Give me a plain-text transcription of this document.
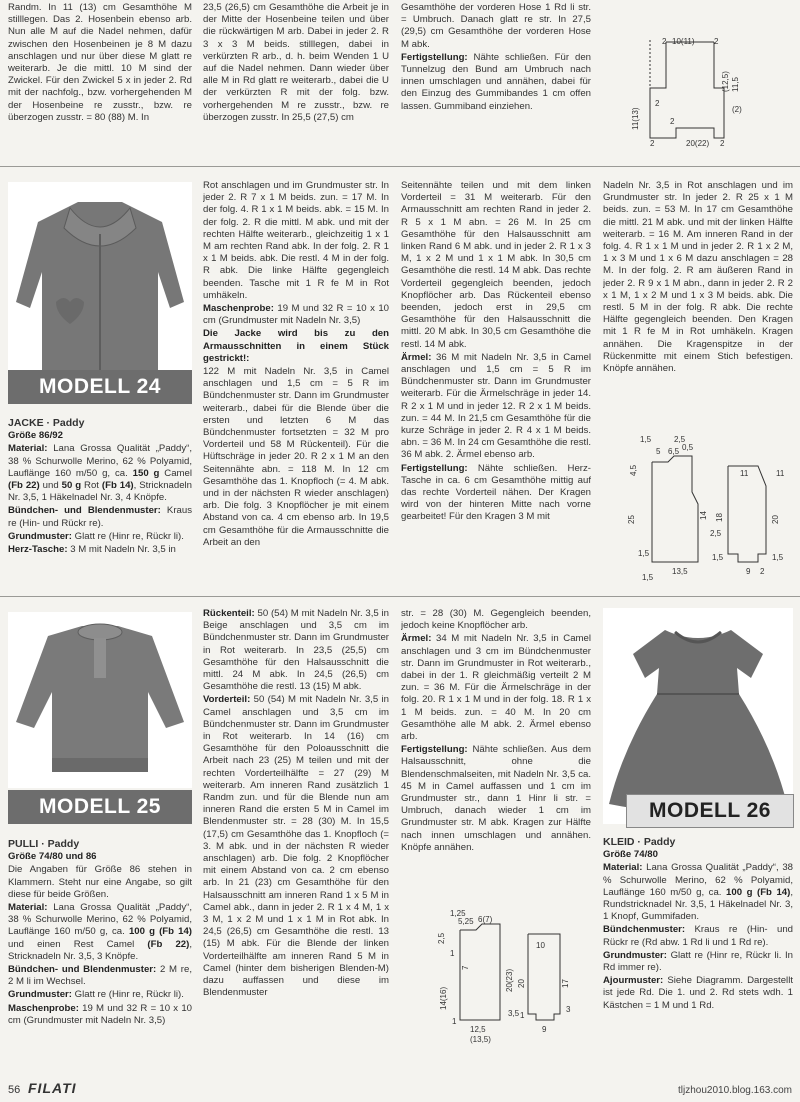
Randm. In 11 (13) cm Gesamthöhe M stilllegen. Das 2. Hosenbein ebenso arb. Nun alle M auf die Nadel nehmen, dafür zwischen den Hosenbeinen je 8 M dazu anschlagen und nur über diese M glatt re weiterarb. Je die mittl. 10 M sind der Zwickel. Für den Zwickel 5 x in jeder 2. Rd mit der nachfolg., bzw. vorhergehenden M der Hosenbeine re zusstr., bzw. re überzogen zusstr. = 80 (88) M. In

23,5 (26,5) cm Gesamthöhe die Arbeit je in der Mitte der Hosenbeine teilen und über die rückwärtigen M arb. Dabei in jeder 2. R 3 x 3 M beids. stilllegen, dabei in verkürzten R arb., d. h. beim Wenden 1 U auf die Nadel nehmen. Dann wieder über alle M in Rd glatt re weiterarb., dabei die U der verkürzten R mit der folg. bzw. vorhergehenden M re zusstr., bzw. re überzogen zusstr. In 25,5 (27,5) cm

Gesamthöhe der vorderen Hose 1 Rd li str. = Umbruch. Danach glatt re str. In 27,5 (29,5) cm Gesamthöhe der vorderen Hose M abk.

Fertigstellung: Nähte schließen. Für den Tunnelzug den Bund am Umbruch nach innen umschlagen und annähen, dabei für den Einzug des Gummibandes 1 cm offen lassen. Gummiband einziehen.

10(11)
2	2
2
11(13)
(12,5) 11,5
(2)
2	20(22) 2
2
MODELL 24

JACKE · Paddy

Größe 86/92

Material: Lana Grossa Qualität „Paddy“, 38 % Schurwolle Merino, 62 % Polyamid, Lauflänge 160 m/50 g, ca. 150 g Camel (Fb 22) und 50 g Rot (Fb 14), Stricknadeln Nr. 3,5, 1 Häkelnadel Nr. 3, 4 Knöpfe.

Bündchen- und Blendenmuster: Kraus re (Hin- und Rückr re).

Grundmuster: Glatt re (Hinr re, Rückr li).

Herz-Tasche: 3 M mit Nadeln Nr. 3,5 in

Rot anschlagen und im Grundmuster str. In jeder 2. R 7 x 1 M beids. zun. = 17 M. In der folg. 4. R 1 x 1 M beids. abk. = 15 M. In der folg. 2. R die mittl. M abk. und mit der rechten Hälfte weiterarb., gleichzeitig 1 x 1 M am rechten Rand abk. In der folg. 2. R 1 x 1 M beids. abk. Die restl. 4 M in der folg. R abk. Die linke Hälfte gegengleich beenden. Tasche mit 1 R fe M in Rot umhäkeln.

Maschenprobe: 19 M und 32 R = 10 x 10 cm (Grundmuster mit Nadeln Nr. 3,5)

Die Jacke wird bis zu den Armausschnitten in einem Stück gestrickt!:

122 M mit Nadeln Nr. 3,5 in Camel anschlagen und 1,5 cm = 5 R im Bündchenmuster str. Dann im Grundmuster weiterarb., dabei für die Blende über die ersten und letzten 6 M das Bündchenmuster fortsetzten = 32 M pro Vorderteil und 58 M Rückenteil). Für die Hüftschräge in jeder 20. R 2 x 1 M an den Seitennähte abn. = 118 M. In 12 cm Gesamthöhe das 1. Knopfloch (= 4. M abk. und in der nächsten R wieder anschlagen) arb. Die folg. 3 Knopflöcher je mit einem Abstand von ca. 4 cm ebenso arb. In 19,5 cm Gesamthöhe für die Armausschnitte die Arbeit an den

Seitennähte teilen und mit dem linken Vorderteil = 31 M weiterarb. Für den Armausschnitt am rechten Rand in jeder 2. R 5 x 1 M abn. = 26 M. In 25 cm Gesamthöhe für den Halsausschnitt am linken Rand 6 M abk. und in jeder 2. R 1 x 3 M, 1 x 2 M und 1 x 1 M abk. In 30,5 cm Gesamthöhe die restl. 14 M abk. Das rechte Vorderteil gegengleich beenden, jedoch Knopflöcher arb. Das Rückenteil ebenso beenden, jedoch erst in 29,5 cm Gesamthöhe für den Halsausschnitt die mittl. 20 M abk. In 30,5 cm Gesamthöhe die restl. 14 M abk.

Ärmel: 36 M mit Nadeln Nr. 3,5 in Camel anschlagen und 1,5 cm = 5 R im Bündchenmuster str. Dann im Grundmuster weiterarb. Für die Ärmelschräge in jeder 14. R 2 x 1 M und in jeder 12. R 2 x 1 M beids. zun. = 44 M. In 21,5 cm Gesamthöhe für die kurze Schräge in jeder 2. R 4 x 1 M beids. abn. = 36 M. In 24 cm Gesamthöhe die restl. 36 M abk. 2. Ärmel ebenso arb.

Fertigstellung: Nähte schließen. Herz-Tasche in ca. 6 cm Gesamthöhe mittig auf das rechte Vorderteil nähen. Der Kragen wird von der hinteren Mitte nach vorne gearbeitet! Für den Kragen 3 M mit

Nadeln Nr. 3,5 in Rot anschlagen und im Grundmuster str. In jeder 2. R 25 x 1 M beids. zun. = 53 M. In 17 cm Gesamthöhe die mittl. 21 M abk. und mit der linken Hälfte weiterarb. = 16 M. Am inneren Rand in der folg. 4. R 1 x 1 M und in jeder 2. R 1 x 2 M, 1 x 3 M und 1 x 6 M dazu anschlagen = 28 M. In der folg. 2. R am äußeren Rand in jeder 2. R 9 x 1 M abn., dann in jeder 2. R 2 x 1 M, 1 x 2 M und 1 x 3 M beids. abk. Die restl. 5 M in der folg. R abk. Die rechte Hälfte gegengleich beenden. Den Kragen mit 1 R fe M in Rot umhäkeln. Kragen annähen. Die Kragenspitze in der Rückenmitte mit einem Stich befestigen. Knöpfe annähen.

1,5	2,5
0,5
5
4,5
6,5
25	14
1,5
13,5
1,5
11
18
1,5
9 2
11
20
1,5
2,5
MODELL 25

PULLI · Paddy

Größe 74/80 und 86

Die Angaben für Größe 86 stehen in Klammern. Steht nur eine Angabe, so gilt diese für beide Größen.

Material: Lana Grossa Qualität „Paddy“, 38 % Schurwolle Merino, 62 % Polyamid, Lauflänge 160 m/50 g, ca. 100 g (Fb 14) und einen Rest Camel (Fb 22), Stricknadeln Nr. 3,5, 3 Knöpfe.

Bündchen- und Blendenmuster: 2 M re, 2 M li im Wechsel.

Grundmuster: Glatt re (Hinr re, Rückr li).

Maschenprobe: 19 M und 32 R = 10 x 10 cm (Grundmuster mit Nadeln Nr. 3,5)

Rückenteil: 50 (54) M mit Nadeln Nr. 3,5 in Beige anschlagen und 3,5 cm im Bündchenmuster str. Dann im Grundmuster in Rot weiterarb. In 23,5 (25,5) cm Gesamthöhe für den Halsausschnitt die mittl. 24 M abk. In 24,5 (26,5) cm Gesamthöhe die restl. 13 (15) M abk.

Vorderteil: 50 (54) M mit Nadeln Nr. 3,5 in Camel anschlagen und 3,5 cm im Bündchenmuster str. Dann im Grundmuster in Rot weiterarb. In 14 (16) cm Gesamthöhe für den Poloausschnitt die Arbeit nach 23 (25) M teilen und mit der rechten Vorderteilhälfte = 27 (29) M weiterarb. Am inneren Rand zusätzlich 1 Randm zun. und für die Blende nun am inneren Rand die ersten 5 M in Camel im Blendenmuster str. = 28 (30) M. In 15,5 (17,5) cm Gesamthöhe das 1. Knopfloch (= 3. M abk. und in der nächsten R wieder anschlagen) arb. Die folg. 2 Knopflöcher mit einem Abstand von ca. 2 cm ebenso arb. In 21 (23) cm Gesamthöhe für den Halsausschnitt am inneren Rand 1 x 5 M in Camel abk., dann in jeder 2. R 1 x 4 M, 1 x 3 M, 1 x 2 M und 1 x 1 M in Rot abk. In 24,5 (26,5) cm Gesamthöhe die restl. 13 (15) M abk. Für die Blende der linken Vorderteilhälfte am inneren Rand 5 M in Camel (hinter dem bisherigen Blenden-M) dazu auffassen und diese im Blendenmuster

str. = 28 (30) M. Gegengleich beenden, jedoch keine Knopflöcher arb.

Ärmel: 34 M mit Nadeln Nr. 3,5 in Camel anschlagen und 3 cm im Bündchenmuster str. Dann im Grundmuster in Rot weiterarb., dabei in der 1. R gleichmäßig verteilt 2 M zun. = 36 M. Für die Ärmelschräge in der folg. 20. R 1 x 1 M und in der folg. 18. R 1 x 1 M beids. zun. = 40 M. In 20 cm Gesamthöhe alle M abk. 2. Ärmel ebenso arb.

Fertigstellung: Nähte schließen. Aus dem Halsausschnitt, ohne die Blendenschmalseiten, mit Nadeln Nr. 3,5 ca. 45 M in Camel auffassen und 1 cm im Grundmuster str., dann 1 Hinr li str. = Umbruch, danach wieder 1 cm im Grundmuster str. M abk. Kragen zur Hälfte nach innen umschlagen und annähen. Knöpfe annähen.

1,25
5,25 6(7)
2,5
1
7
14(16)
20(23)
3,5
1
12,5
(13,5)
10
20	17
3
9
1
MODELL 26

KLEID · Paddy

Größe 74/80

Material: Lana Grossa Qualität „Paddy“, 38 % Schurwolle Merino, 62 % Polyamid, Lauflänge 160 m/50 g, ca. 100 g (Fb 14), Rundstricknadel Nr. 3,5, 1 Häkelnadel Nr. 3, 1 Knopf, Gummifaden.

Bündchenmuster: Kraus re (Hin- und Rückr re (Rd abw. 1 Rd li und 1 Rd re).

Grundmuster: Glatt re (Hinr re, Rückr li. In Rd immer re).

Ajourmuster: Siehe Diagramm. Dargestellt ist jede Rd. Die 1. und 2. Rd stets wdh. 1 Kästchen = 1 M und 1 Rd.

56 FILATI	tljzhou2010.blog.163.com
